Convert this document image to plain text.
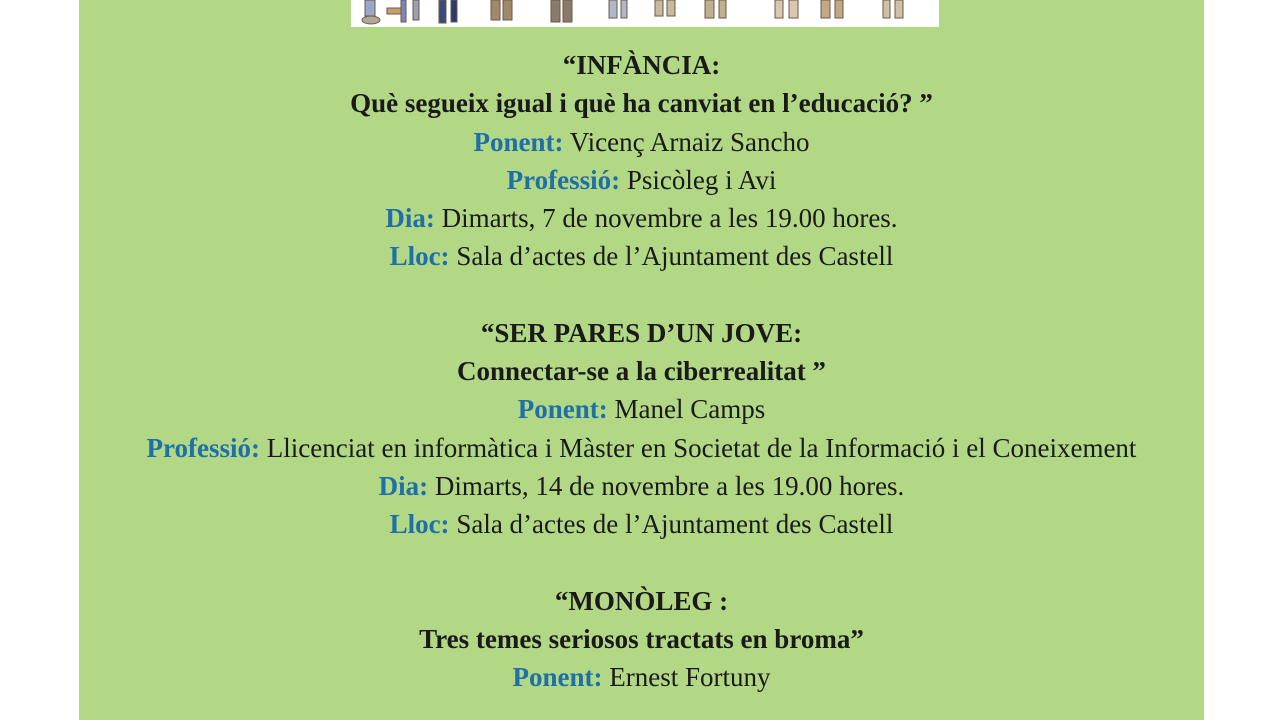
“INFÀNCIA:
Què segueix igual i què ha canviat en l’educació? ”
Ponent: Vicenç Arnaiz Sancho
Professió: Psicòleg i Avi
Dia: Dimarts, 7 de novembre a les 19.00 hores.
Lloc: Sala d’actes de l’Ajuntament des Castell
“SER PARES D’UN JOVE:
Connectar-se a la ciberrealitat ”
Ponent: Manel Camps
Professió: Llicenciat en informàtica i Màster en Societat de la Informació i el Coneixement
Dia: Dimarts, 14 de novembre a les 19.00 hores.
Lloc: Sala d’actes de l’Ajuntament des Castell
“MONÒLEG :
Tres temes seriosos tractats en broma”
Ponent: Ernest Fortuny
